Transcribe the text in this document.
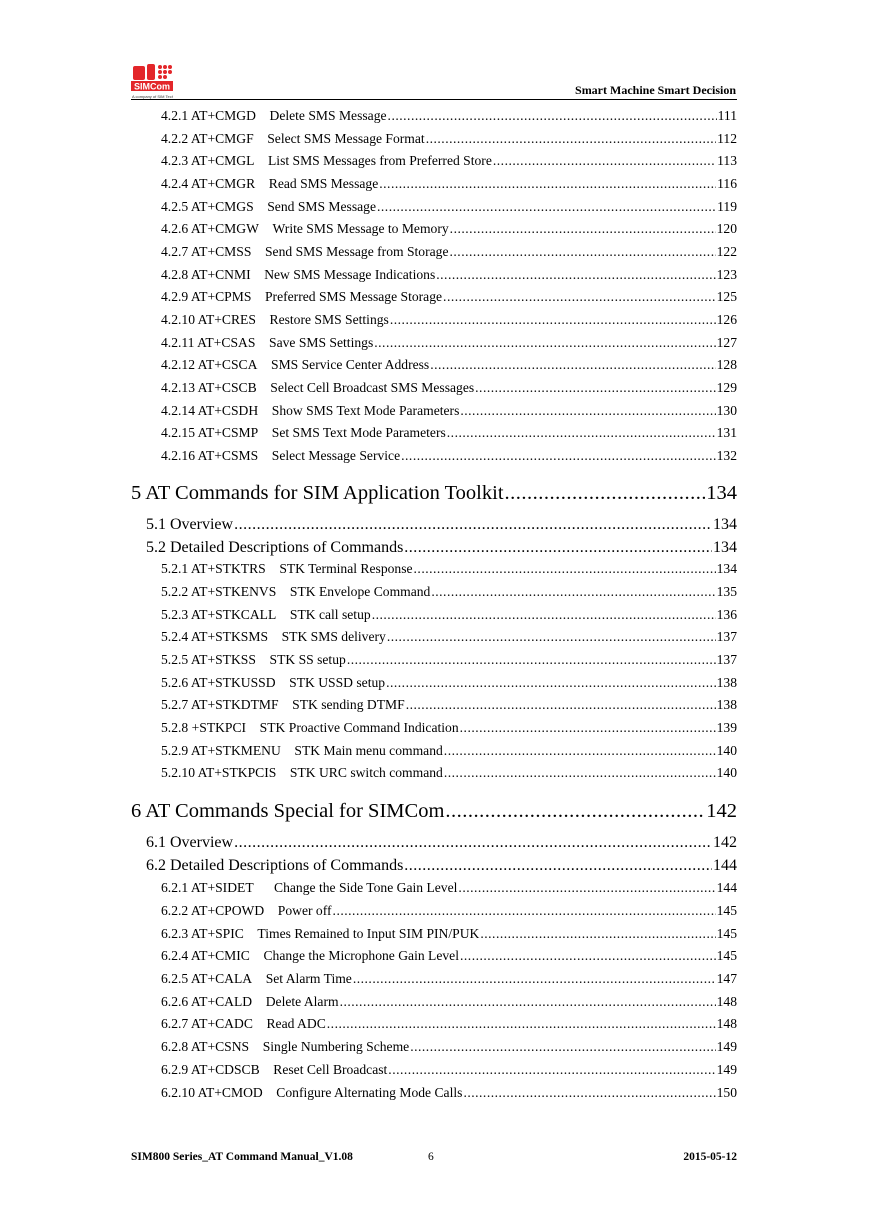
SIMCom
A company of SIM Tech	Smart Machine Smart Decision
4.2.1 AT+CMGD Delete SMS Message .....	111
4.2.2 AT+CMGF Select SMS Message Format .....	112
4.2.3 AT+CMGL List SMS Messages from Preferred Store .....	113
4.2.4 AT+CMGR Read SMS Message .....	116
4.2.5 AT+CMGS Send SMS Message .....	119
4.2.6 AT+CMGW Write SMS Message to Memory .....	120
4.2.7 AT+CMSS Send SMS Message from Storage .....	122
4.2.8 AT+CNMI New SMS Message Indications .....	123
4.2.9 AT+CPMS Preferred SMS Message Storage .....	125
4.2.10 AT+CRES Restore SMS Settings .....	126
4.2.11 AT+CSAS Save SMS Settings .....	127
4.2.12 AT+CSCA SMS Service Center Address .....	128
4.2.13 AT+CSCB Select Cell Broadcast SMS Messages .....	129
4.2.14 AT+CSDH Show SMS Text Mode Parameters .....	130
4.2.15 AT+CSMP Set SMS Text Mode Parameters .....	131
4.2.16 AT+CSMS Select Message Service .....	132
5 AT Commands for SIM Application Toolkit .....	134
5.1 Overview .....	134
5.2 Detailed Descriptions of Commands .....	134
5.2.1 AT+STKTRS STK Terminal Response .....	134
5.2.2 AT+STKENVS STK Envelope Command .....	135
5.2.3 AT+STKCALL STK call setup .....	136
5.2.4 AT+STKSMS STK SMS delivery .....	137
5.2.5 AT+STKSS STK SS setup .....	137
5.2.6 AT+STKUSSD STK USSD setup .....	138
5.2.7 AT+STKDTMF STK sending DTMF .....	138
5.2.8 +STKPCI STK Proactive Command Indication .....	139
5.2.9 AT+STKMENU STK Main menu command .....	140
5.2.10 AT+STKPCIS STK URC switch command .....	140
6 AT Commands Special for SIMCom .....	142
6.1 Overview .....	142
6.2 Detailed Descriptions of Commands .....	144
6.2.1 AT+SIDET  Change the Side Tone Gain Level .....	144
6.2.2 AT+CPOWD Power off .....	145
6.2.3 AT+SPIC Times Remained to Input SIM PIN/PUK .....	145
6.2.4 AT+CMIC Change the Microphone Gain Level .....	145
6.2.5 AT+CALA Set Alarm Time .....	147
6.2.6 AT+CALD Delete Alarm .....	148
6.2.7 AT+CADC Read ADC .....	148
6.2.8 AT+CSNS Single Numbering Scheme .....	149
6.2.9 AT+CDSCB Reset Cell Broadcast .....	149
6.2.10 AT+CMOD Configure Alternating Mode Calls .....	150
SIM800 Series_AT Command Manual_V1.08	6	2015-05-12
